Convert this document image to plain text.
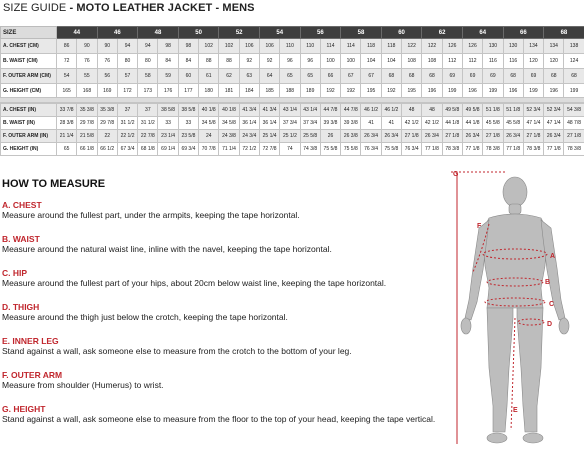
SIZE GUIDE - MOTO LEATHER JACKET - MENS
SIZE	44		46		48		50		52		54		56		58		60		62		64		66		68	
A. CHEST (CM)	86	90	90	94	94	98	98	102	102	106	106	110	110	114	114	118	118	122	122	126	126	130	130	134	134	138
B. WAIST (CM)	72	76	76	80	80	84	84	88	88	92	92	96	96	100	100	104	104	108	108	112	112	116	116	120	120	124
F. OUTER ARM (CM)	54	55	56	57	58	59	60	61	62	63	64	65	65	66	67	67	68	68	68	69	69	69	68	69	68	68
G. HEIGHT (CM)	165	168	169	172	173	176	177	180	181	184	185	188	189	192	192	195	192	195	196	199	196	199	196	199	196	199
A. CHEST (IN)	33 7/8	35 3/8	35 3/8	37	37	38 5/8	38 5/8	40 1/8	40 1/8	41 3/4	41 3/4	43 1/4	43 1/4	44 7/8	44 7/8	46 1/2	46 1/2	48	48	49 5/8	49 5/8	51 1/8	51 1/8	52 3/4	52 3/4	54 3/8
B. WAIST (IN)	28 3/8	29 7/8	29 7/8	31 1/2	31 1/2	33	33	34 5/8	34 5/8	36 1/4	36 1/4	37 3/4	37 3/4	39 3/8	39 3/8	41	41	42 1/2	42 1/2	44 1/8	44 1/8	45 5/8	45 5/8	47 1/4	47 1/4	48 7/8
F. OUTER ARM (IN)	21 1/4	21 5/8	22	22 1/2	22 7/8	23 1/4	23 5/8	24	24 3/8	24 3/4	25 1/4	25 1/2	25 5/8	26	26 3/8	26 3/4	26 3/4	27 1/8	26 3/4	27 1/8	26 3/4	27 1/8	26 3/4	27 1/8	26 3/4	27 1/8
G. HEIGHT (IN)	65	66 1/8	66 1/2	67 3/4	68 1/8	69 1/4	69 3/4	70 7/8	71 1/4	72 1/2	72 7/8	74	74 3/8	75 5/8	75 5/8	76 3/4	75 5/8	76 3/4	77 1/8	78 3/8	77 1/8	78 3/8	77 1/8	78 3/8	77 1/8	78 3/8
HOW TO MEASURE
A. CHEST
Measure around the fullest part, under the armpits, keeping the tape horizontal.
B. WAIST
Measure around the natural waist line, inline with the navel, keeping the tape horizontal.
C. HIP
Measure around the fullest part of your hips, about 20cm below waist line, keeping the tape horizontal.
D. THIGH
Measure around the thigh just below the crotch, keeping the tape horizontal.
E. INNER LEG
Stand against a wall, ask someone else to measure from the crotch to the bottom of your leg.
F. OUTER ARM
Measure from shoulder (Humerus) to wrist.
G. HEIGHT
Stand against a wall, ask someone else to measure from the floor to the top of your head, keeping the tape vertical.
G
F
A
B
C
D
E
